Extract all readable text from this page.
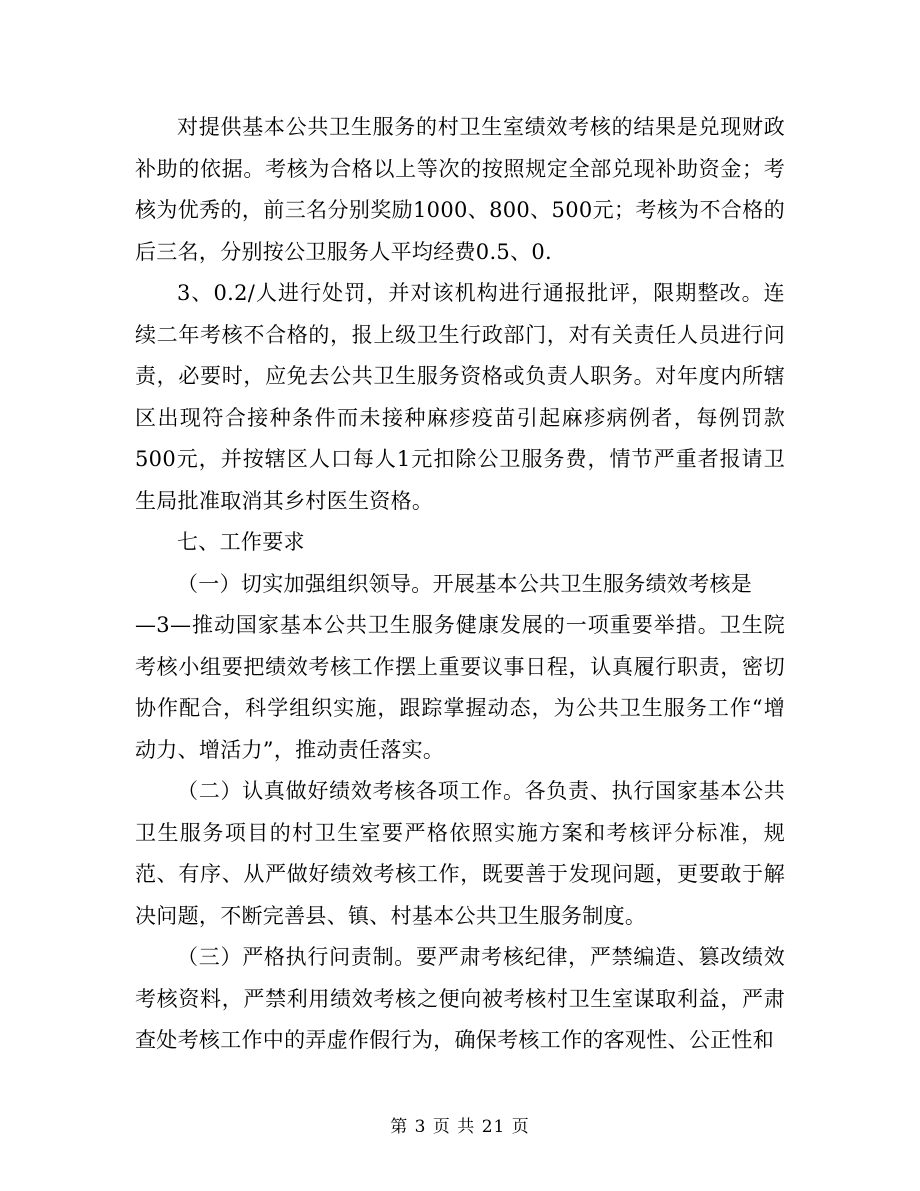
对提供基本公共卫生服务的村卫生室绩效考核的结果是兑现财政补助的依据。考核为合格以上等次的按照规定全部兑现补助资金；考核为优秀的，前三名分别奖励1000、800、500元；考核为不合格的后三名，分别按公卫服务人平均经费0.5、0.

3、0.2/人进行处罚，并对该机构进行通报批评，限期整改。连续二年考核不合格的，报上级卫生行政部门，对有关责任人员进行问责，必要时，应免去公共卫生服务资格或负责人职务。对年度内所辖区出现符合接种条件而未接种麻疹疫苗引起麻疹病例者，每例罚款500元，并按辖区人口每人1元扣除公卫服务费，情节严重者报请卫生局批准取消其乡村医生资格。

七、工作要求

（一）切实加强组织领导。开展基本公共卫生服务绩效考核是

—3—推动国家基本公共卫生服务健康发展的一项重要举措。卫生院考核小组要把绩效考核工作摆上重要议事日程，认真履行职责，密切协作配合，科学组织实施，跟踪掌握动态，为公共卫生服务工作“增动力、增活力”，推动责任落实。

（二）认真做好绩效考核各项工作。各负责、执行国家基本公共卫生服务项目的村卫生室要严格依照实施方案和考核评分标准，规范、有序、从严做好绩效考核工作，既要善于发现问题，更要敢于解决问题，不断完善县、镇、村基本公共卫生服务制度。

（三）严格执行问责制。要严肃考核纪律，严禁编造、篡改绩效考核资料，严禁利用绩效考核之便向被考核村卫生室谋取利益，严肃查处考核工作中的弄虚作假行为，确保考核工作的客观性、公正性和

第 3 页 共 21 页
